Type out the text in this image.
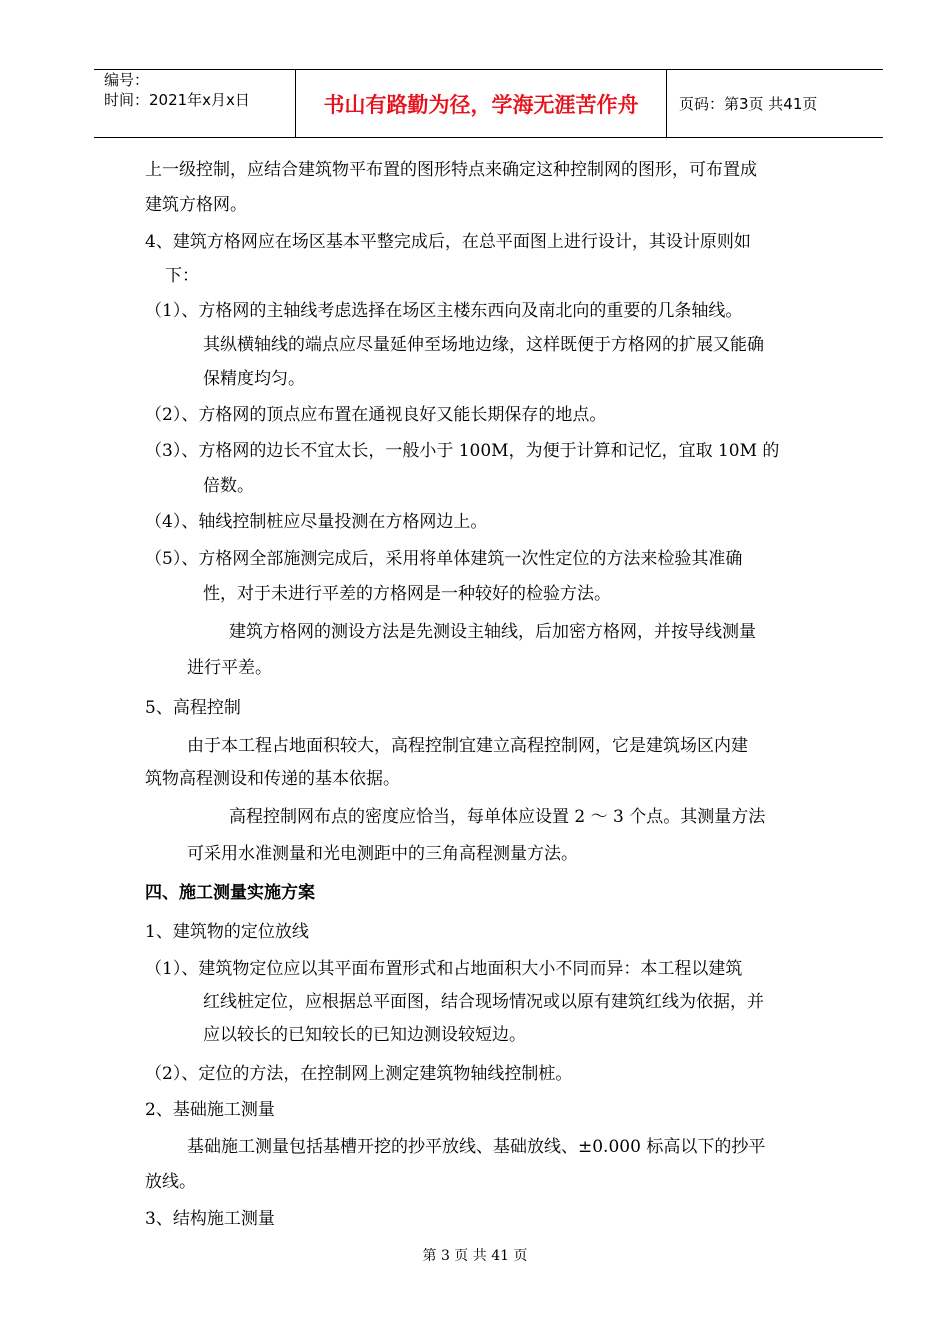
编号：
时间：2021年x月x日	书山有路勤为径，学海无涯苦作舟	页码：第3页 共41页
上一级控制，应结合建筑物平布置的图形特点来确定这种控制网的图形，可布置成
建筑方格网。
4、建筑方格网应在场区基本平整完成后，在总平面图上进行设计，其设计原则如
下：
（1）、方格网的主轴线考虑选择在场区主楼东西向及南北向的重要的几条轴线。
其纵横轴线的端点应尽量延伸至场地边缘，这样既便于方格网的扩展又能确
保精度均匀。
（2）、方格网的顶点应布置在通视良好又能长期保存的地点。
（3）、方格网的边长不宜太长，一般小于 100M，为便于计算和记忆，宜取 10M 的
倍数。
（4）、轴线控制桩应尽量投测在方格网边上。
（5）、方格网全部施测完成后，采用将单体建筑一次性定位的方法来检验其准确
性，对于未进行平差的方格网是一种较好的检验方法。
建筑方格网的测设方法是先测设主轴线，后加密方格网，并按导线测量
进行平差。
5、高程控制
由于本工程占地面积较大，高程控制宜建立高程控制网，它是建筑场区内建
筑物高程测设和传递的基本依据。
高程控制网布点的密度应恰当，每单体应设置 2 ～ 3 个点。其测量方法
可采用水准测量和光电测距中的三角高程测量方法。
四、施工测量实施方案
1、建筑物的定位放线
（1）、建筑物定位应以其平面布置形式和占地面积大小不同而异：本工程以建筑
红线桩定位，应根据总平面图，结合现场情况或以原有建筑红线为依据，并
应以较长的已知较长的已知边测设较短边。
（2）、定位的方法，在控制网上测定建筑物轴线控制桩。
2、基础施工测量
基础施工测量包括基槽开挖的抄平放线、基础放线、±0.000 标高以下的抄平
放线。
3、结构施工测量
第 3 页 共 41 页
